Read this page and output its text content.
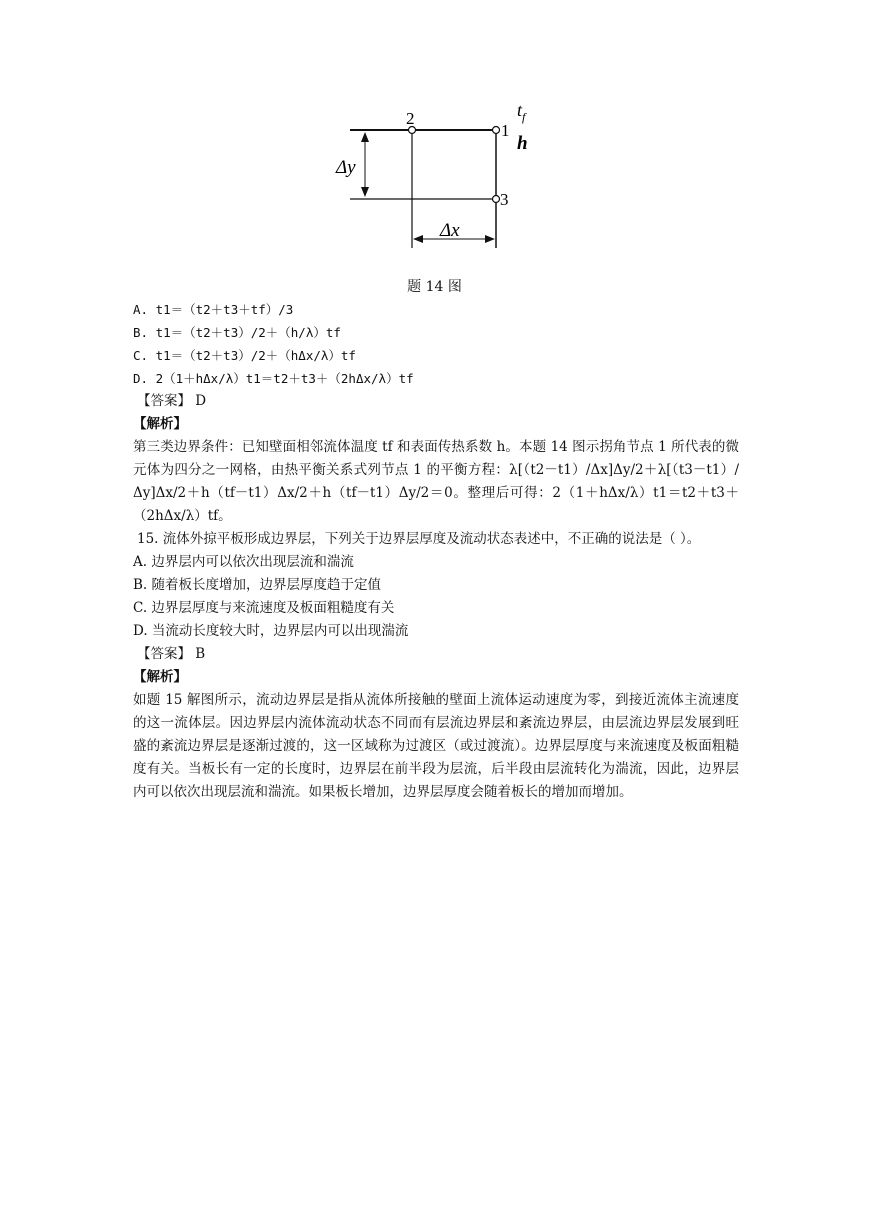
2
1
3
$t_f$
h
Δy
Δx
题 14 图
A. t1＝（t2＋t3＋tf）/3
B. t1＝（t2＋t3）/2＋（h/λ）tf
C. t1＝（t2＋t3）/2＋（hΔx/λ）tf
D. 2（1＋hΔx/λ）t1＝t2＋t3＋（2hΔx/λ）tf
【答案】 D
【解析】
第三类边界条件：已知壁面相邻流体温度 tf 和表面传热系数 h。本题 14 图示拐角节点 1 所代表的微元体为四分之一网格，由热平衡关系式列节点 1 的平衡方程：λ[（t2－t1）/Δx]Δy/2＋λ[（t3－t1）/Δy]Δx/2＋h（tf－t1）Δx/2＋h（tf－t1）Δy/2＝0。整理后可得：2（1＋hΔx/λ）t1＝t2＋t3＋（2hΔx/λ）tf。
15. 流体外掠平板形成边界层，下列关于边界层厚度及流动状态表述中，不正确的说法是（ ）。
A. 边界层内可以依次出现层流和湍流
B. 随着板长度增加，边界层厚度趋于定值
C. 边界层厚度与来流速度及板面粗糙度有关
D. 当流动长度较大时，边界层内可以出现湍流
【答案】 B
【解析】
如题 15 解图所示，流动边界层是指从流体所接触的壁面上流体运动速度为零，到接近流体主流速度的这一流体层。因边界层内流体流动状态不同而有层流边界层和紊流边界层，由层流边界层发展到旺盛的紊流边界层是逐渐过渡的，这一区域称为过渡区（或过渡流）。边界层厚度与来流速度及板面粗糙度有关。当板长有一定的长度时，边界层在前半段为层流，后半段由层流转化为湍流，因此，边界层内可以依次出现层流和湍流。如果板长增加，边界层厚度会随着板长的增加而增加。
